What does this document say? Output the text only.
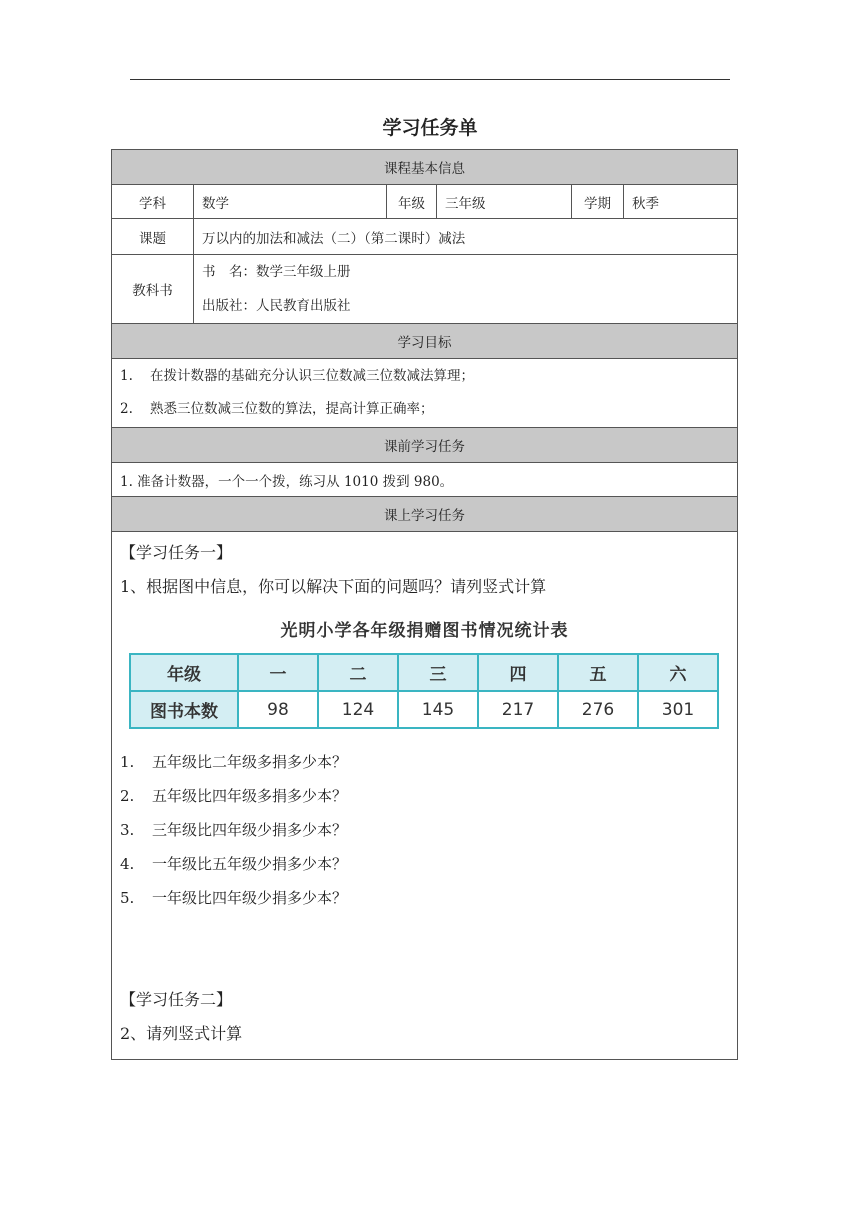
学习任务单
课程基本信息
学科	数学	年级	三年级	学期	秋季
课题	万以内的加法和减法（二）（第二课时）减法
教科书	
书　名：数学三年级上册
出版社：人民教育出版社

学习目标

1. 在拨计数器的基础充分认识三位数减三位数减法算理；
2. 熟悉三位数减三位数的算法，提高计算正确率；

课前学习任务
1. 准备计数器，一个一个拨，练习从 1010 拨到 980。
课上学习任务

【学习任务一】
1、根据图中信息，你可以解决下面的问题吗？请列竖式计算
光明小学各年级捐赠图书情况统计表
年级	一	二	三	四	五	六
图书本数	98	124	145	217	276	301
1. 五年级比二年级多捐多少本？
2. 五年级比四年级多捐多少本？
3. 三年级比四年级少捐多少本？
4. 一年级比五年级少捐多少本？
5. 一年级比四年级少捐多少本？
【学习任务二】
2、请列竖式计算
